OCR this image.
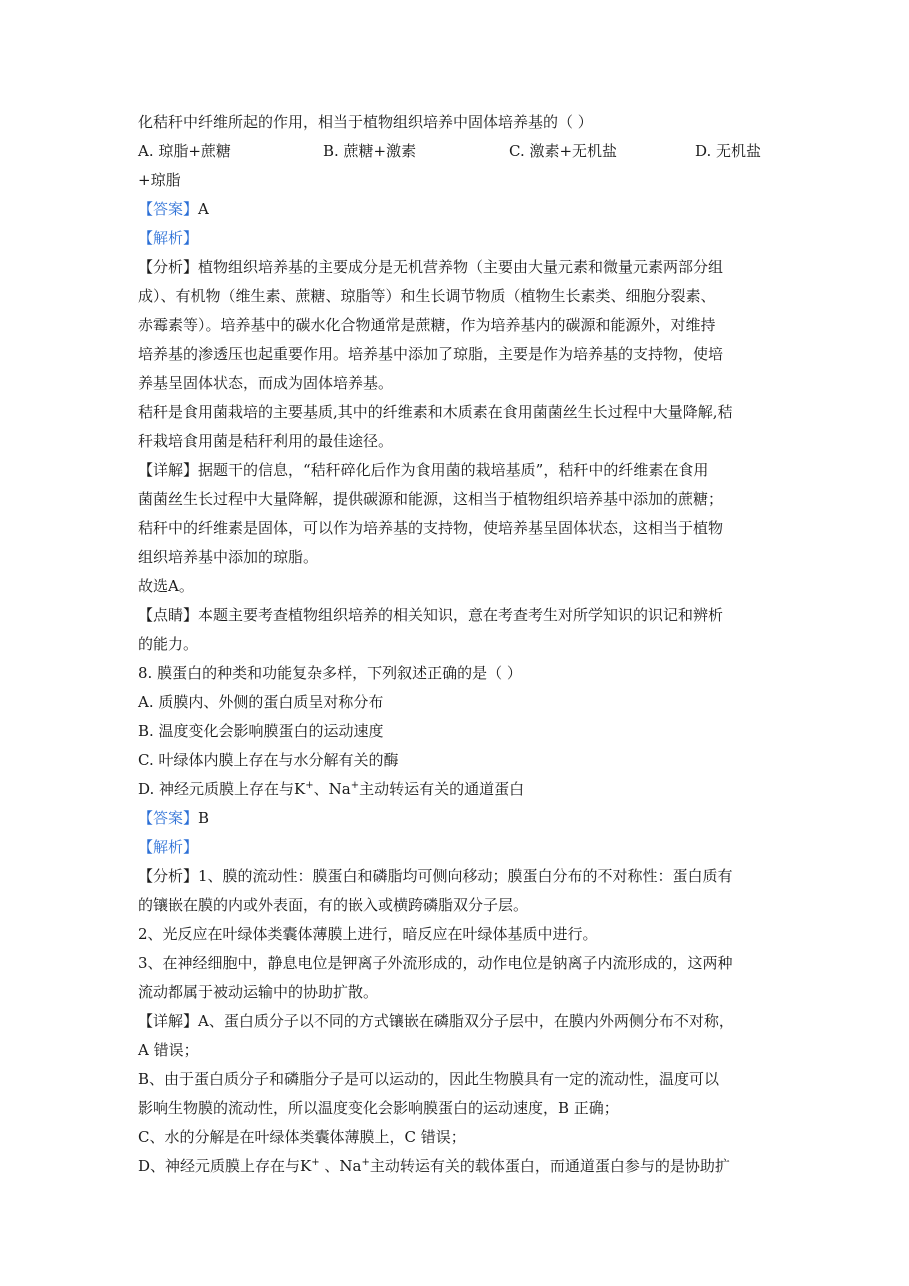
化秸秆中纤维所起的作用，相当于植物组织培养中固体培养基的（ ）
A. 琼脂+蔗糖	B. 蔗糖+激素	C. 激素+无机盐	D. 无机盐
+琼脂
【答案】A
【解析】
【分析】植物组织培养基的主要成分是无机营养物（主要由大量元素和微量元素两部分组
成）、有机物（维生素、蔗糖、琼脂等）和生长调节物质（植物生长素类、细胞分裂素、
赤霉素等）。培养基中的碳水化合物通常是蔗糖，作为培养基内的碳源和能源外，对维持
培养基的渗透压也起重要作用。培养基中添加了琼脂，主要是作为培养基的支持物，使培
养基呈固体状态，而成为固体培养基。
秸秆是食用菌栽培的主要基质,其中的纤维素和木质素在食用菌菌丝生长过程中大量降解,秸
秆栽培食用菌是秸秆利用的最佳途径。
【详解】据题干的信息，“秸秆碎化后作为食用菌的栽培基质”，秸秆中的纤维素在食用
菌菌丝生长过程中大量降解，提供碳源和能源，这相当于植物组织培养基中添加的蔗糖；
秸秆中的纤维素是固体，可以作为培养基的支持物，使培养基呈固体状态，这相当于植物
组织培养基中添加的琼脂。
故选A。
【点睛】本题主要考查植物组织培养的相关知识，意在考查考生对所学知识的识记和辨析
的能力。
8. 膜蛋白的种类和功能复杂多样，下列叙述正确的是（ ）
A. 质膜内、外侧的蛋白质呈对称分布
B. 温度变化会影响膜蛋白的运动速度
C. 叶绿体内膜上存在与水分解有关的酶
D. 神经元质膜上存在与K+、Na+主动转运有关的通道蛋白
【答案】B
【解析】
【分析】1、膜的流动性：膜蛋白和磷脂均可侧向移动；膜蛋白分布的不对称性：蛋白质有
的镶嵌在膜的内或外表面，有的嵌入或横跨磷脂双分子层。
2、光反应在叶绿体类囊体薄膜上进行，暗反应在叶绿体基质中进行。
3、在神经细胞中，静息电位是钾离子外流形成的，动作电位是钠离子内流形成的，这两种
流动都属于被动运输中的协助扩散。
【详解】A、蛋白质分子以不同的方式镶嵌在磷脂双分子层中，在膜内外两侧分布不对称，
A 错误；
B、由于蛋白质分子和磷脂分子是可以运动的，因此生物膜具有一定的流动性，温度可以
影响生物膜的流动性，所以温度变化会影响膜蛋白的运动速度，B 正确；
C、水的分解是在叶绿体类囊体薄膜上，C 错误；
D、神经元质膜上存在与K+ 、Na+主动转运有关的载体蛋白，而通道蛋白参与的是协助扩
